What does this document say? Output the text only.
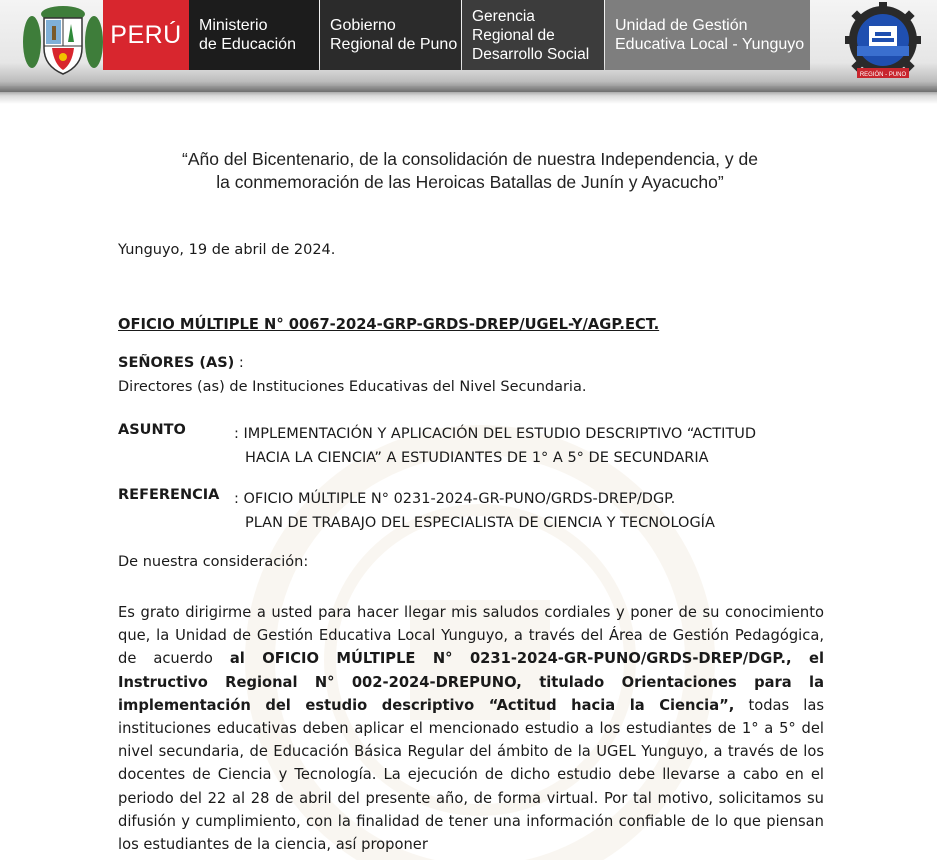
PERÚ	Ministerio
de Educación
Gobierno
Regional de Puno
Gerencia
Regional de
Desarrollo Social
Unidad de Gestión
Educativa Local - Yunguyo
REGIÓN - PUNO
“Año del Bicentenario, de la consolidación de nuestra Independencia, y de
la conmemoración de las Heroicas Batallas de Junín y Ayacucho”
Yunguyo, 19 de abril de 2024.
OFICIO MÚLTIPLE N° 0067-2024-GRP-GRDS-DREP/UGEL-Y/AGP.ECT.
SEÑORES (AS) :
Directores (as) de Instituciones Educativas del Nivel Secundaria.
ASUNTO	: IMPLEMENTACIÓN Y APLICACIÓN DEL ESTUDIO DESCRIPTIVO “ACTITUD
HACIA LA CIENCIA” A ESTUDIANTES DE 1° A 5° DE SECUNDARIA
REFERENCIA : OFICIO MÚLTIPLE N° 0231-2024-GR-PUNO/GRDS-DREP/DGP.
PLAN DE TRABAJO DEL ESPECIALISTA DE CIENCIA Y TECNOLOGÍA
De nuestra consideración:

Es grato dirigirme a usted para hacer llegar mis saludos cordiales y poner de su conocimiento que, la Unidad de Gestión Educativa Local Yunguyo, a través del Área de Gestión Pedagógica, de acuerdo al OFICIO MÚLTIPLE N° 0231-2024-GR-PUNO/GRDS-DREP/DGP., el Instructivo Regional N° 002-2024-DREPUNO, titulado Orientaciones para la implementación del estudio descriptivo “Actitud hacia la Ciencia”, todas las instituciones educativas deben aplicar el mencionado estudio a los estudiantes de 1° a 5° del nivel secundaria, de Educación Básica Regular del ámbito de la UGEL Yunguyo, a través de los docentes de Ciencia y Tecnología. La ejecución de dicho estudio debe llevarse a cabo en el periodo del 22 al 28 de abril del presente año, de forma virtual. Por tal motivo, solicitamos su difusión y cumplimiento, con la finalidad de tener una información confiable de lo que piensan los estudiantes de la ciencia, así proponer
